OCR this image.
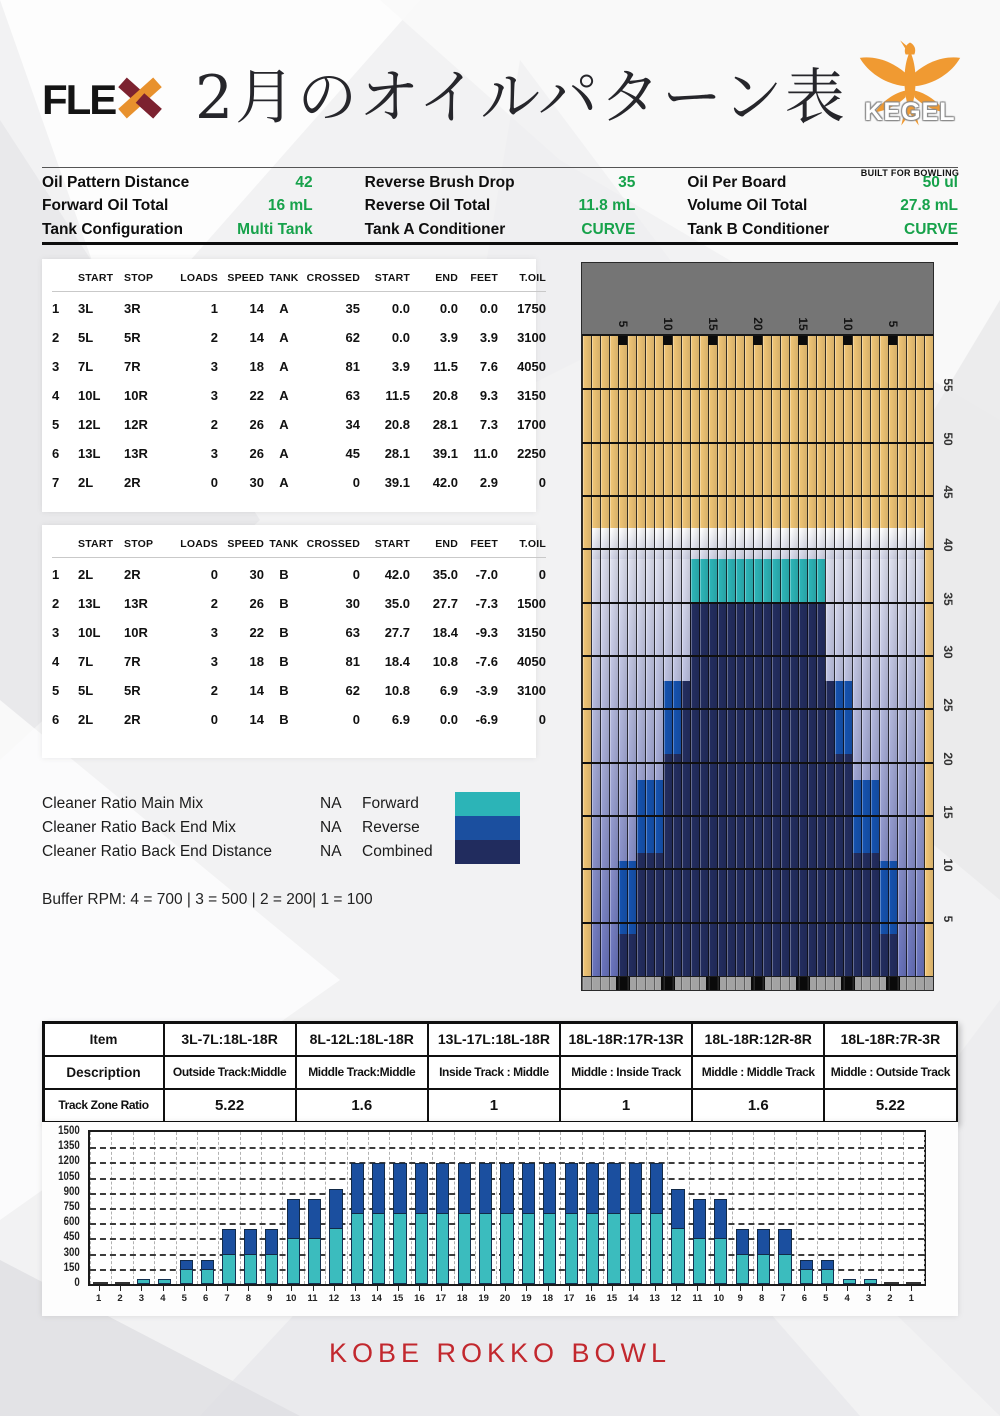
FLE 2月のオイルパターン表 KEGEL
BUILT FOR BOWLING
Oil Pattern Distance	42	Reverse Brush Drop	35	Oil Per Board	50 ul
Forward Oil Total	16 mL	Reverse Oil Total	11.8 mL	Volume Oil Total	27.8 mL
Tank Configuration	Multi Tank	Tank A Conditioner	CURVE	Tank B Conditioner	CURVE
START	STOP	LOADS SPEED TANK CROSSED	START	END	FEET	T.OIL
1	3L	3R	1	14	A	35	0.0	0.0	0.0	1750
2	5L	5R	2	14	A	62	0.0	3.9	3.9	3100
3	7L	7R	3	18	A	81	3.9	11.5	7.6	4050
4	10L	10R	3	22	A	63	11.5	20.8	9.3	3150
5	12L	12R	2	26	A	34	20.8	28.1	7.3	1700
6	13L	13R	3	26	A	45	28.1	39.1	11.0	2250
7	2L	2R	0	30	A	0	39.1	42.0	2.9	0
START	STOP	LOADS SPEED TANK CROSSED	START	END	FEET	T.OIL
1	2L	2R	0	30	B	0	42.0	35.0	-7.0	0
2	13L	13R	2	26	B	30	35.0	27.7	-7.3	1500
3	10L	10R	3	22	B	63	27.7	18.4	-9.3	3150
4	7L	7R	3	18	B	81	18.4	10.8	-7.6	4050
5	5L	5R	2	14	B	62	10.8	6.9	-3.9	3100
6	2L	2R	0	14	B	0	6.9	0.0	-6.9	0
Cleaner Ratio Main Mix	NA	Forward
Cleaner Ratio Back End Mix	NA	Reverse
Cleaner Ratio Back End Distance	NA	Combined
Buffer RPM: 4 = 700 | 3 = 500 | 2 = 200| 1 = 100
5	10	15	20	15	10	5
55
50
45
40
35
30
25
20
15
10
5
Item	3L-7L:18L-18R	8L-12L:18L-18R	13L-17L:18L-18R	18L-18R:17R-13R	18L-18R:12R-8R	18L-18R:7R-3R
Description	Outside Track:Middle	Middle Track:Middle	Inside Track : Middle	Middle : Inside Track	Middle : Middle Track	Middle : Outside Track
Track Zone Ratio	5.22	1.6	1	1	1.6	5.22
0
150
300
450
600
750
900
1050
1200
1350
1500
1	2	3	4	5	6	7	8	9	10	11	12	13	14	15	16	17	18	19	20	19	18	17	16	15	14	13	12	11	10	9	8	7	6	5	4	3	2	1
KOBE ROKKO BOWL
